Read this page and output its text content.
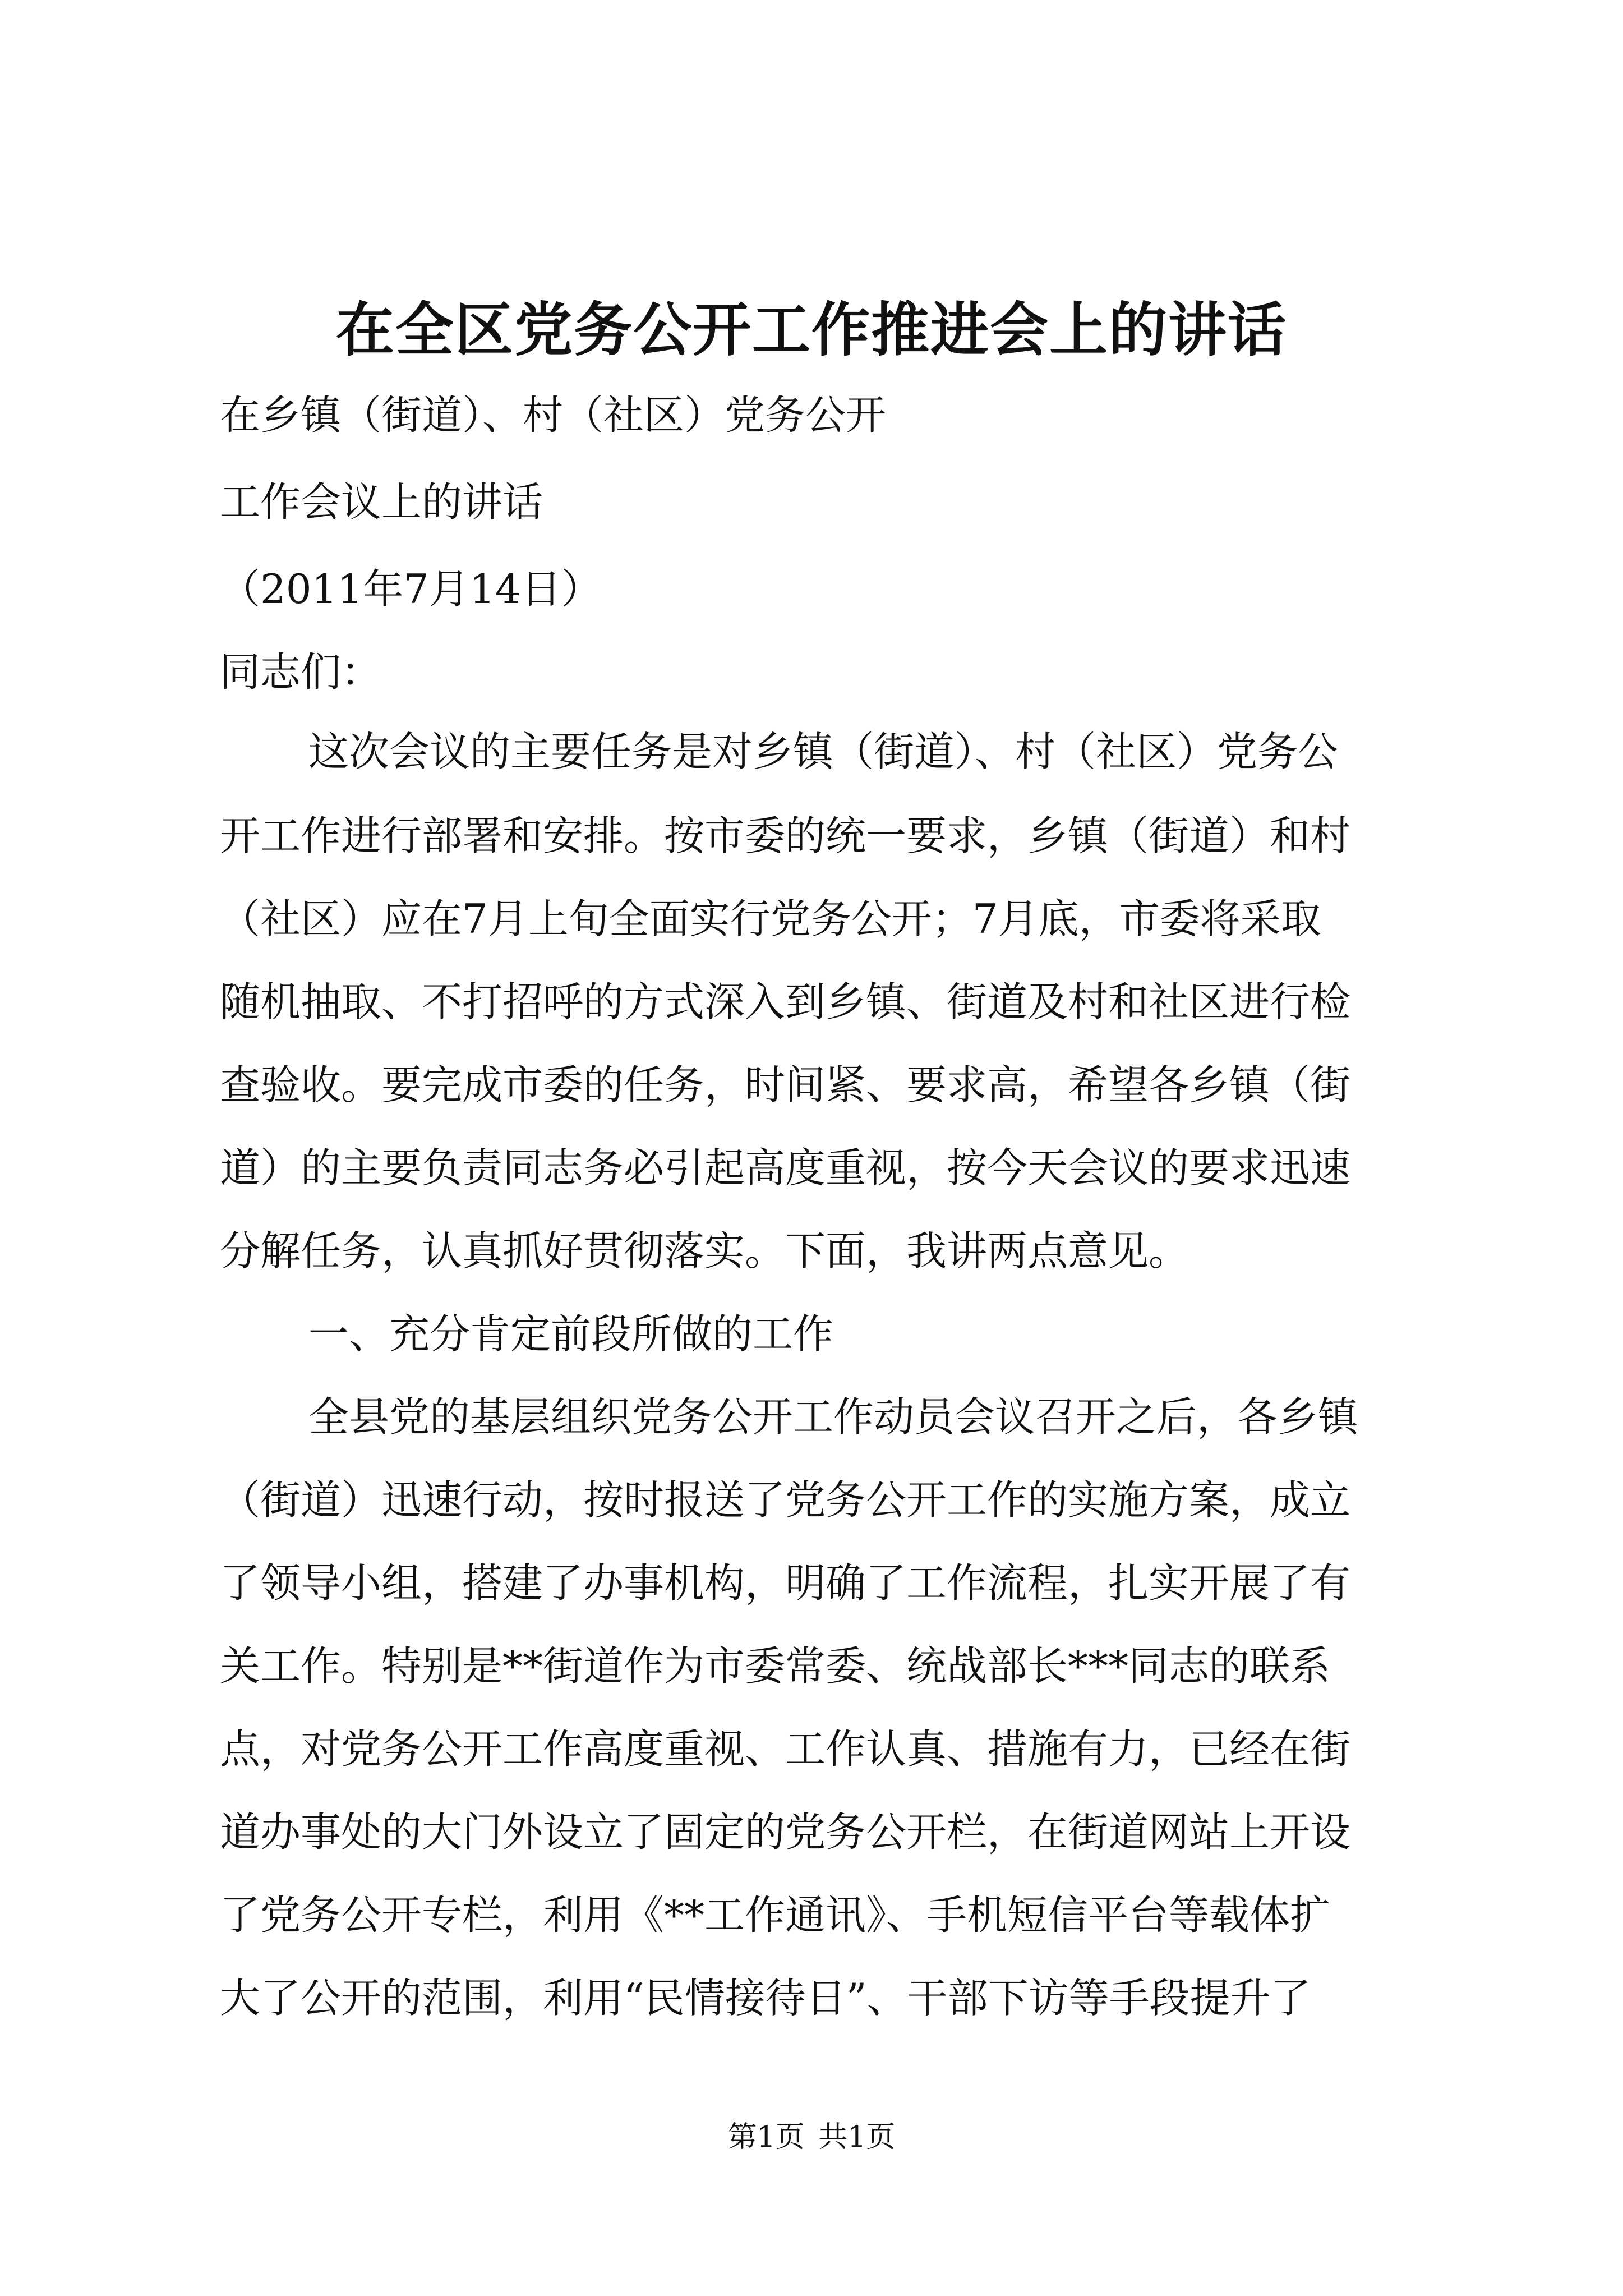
在全区党务公开工作推进会上的讲话
在乡镇（街道）、村（社区）党务公开
工作会议上的讲话
（2011年7月14日）
同志们：
这次会议的主要任务是对乡镇（街道）、村（社区）党务公
开工作进行部署和安排。按市委的统一要求，乡镇（街道）和村
（社区）应在7月上旬全面实行党务公开；7月底，市委将采取
随机抽取、不打招呼的方式深入到乡镇、街道及村和社区进行检
查验收。要完成市委的任务，时间紧、要求高，希望各乡镇（街
道）的主要负责同志务必引起高度重视，按今天会议的要求迅速
分解任务，认真抓好贯彻落实。下面，我讲两点意见。
一、充分肯定前段所做的工作
全县党的基层组织党务公开工作动员会议召开之后，各乡镇
（街道）迅速行动，按时报送了党务公开工作的实施方案，成立
了领导小组，搭建了办事机构，明确了工作流程，扎实开展了有
关工作。特别是**街道作为市委常委、统战部长***同志的联系
点，对党务公开工作高度重视、工作认真、措施有力，已经在街
道办事处的大门外设立了固定的党务公开栏，在街道网站上开设
了党务公开专栏，利用《**工作通讯》、手机短信平台等载体扩
大了公开的范围，利用“民情接待日”、干部下访等手段提升了
第1页 共1页
